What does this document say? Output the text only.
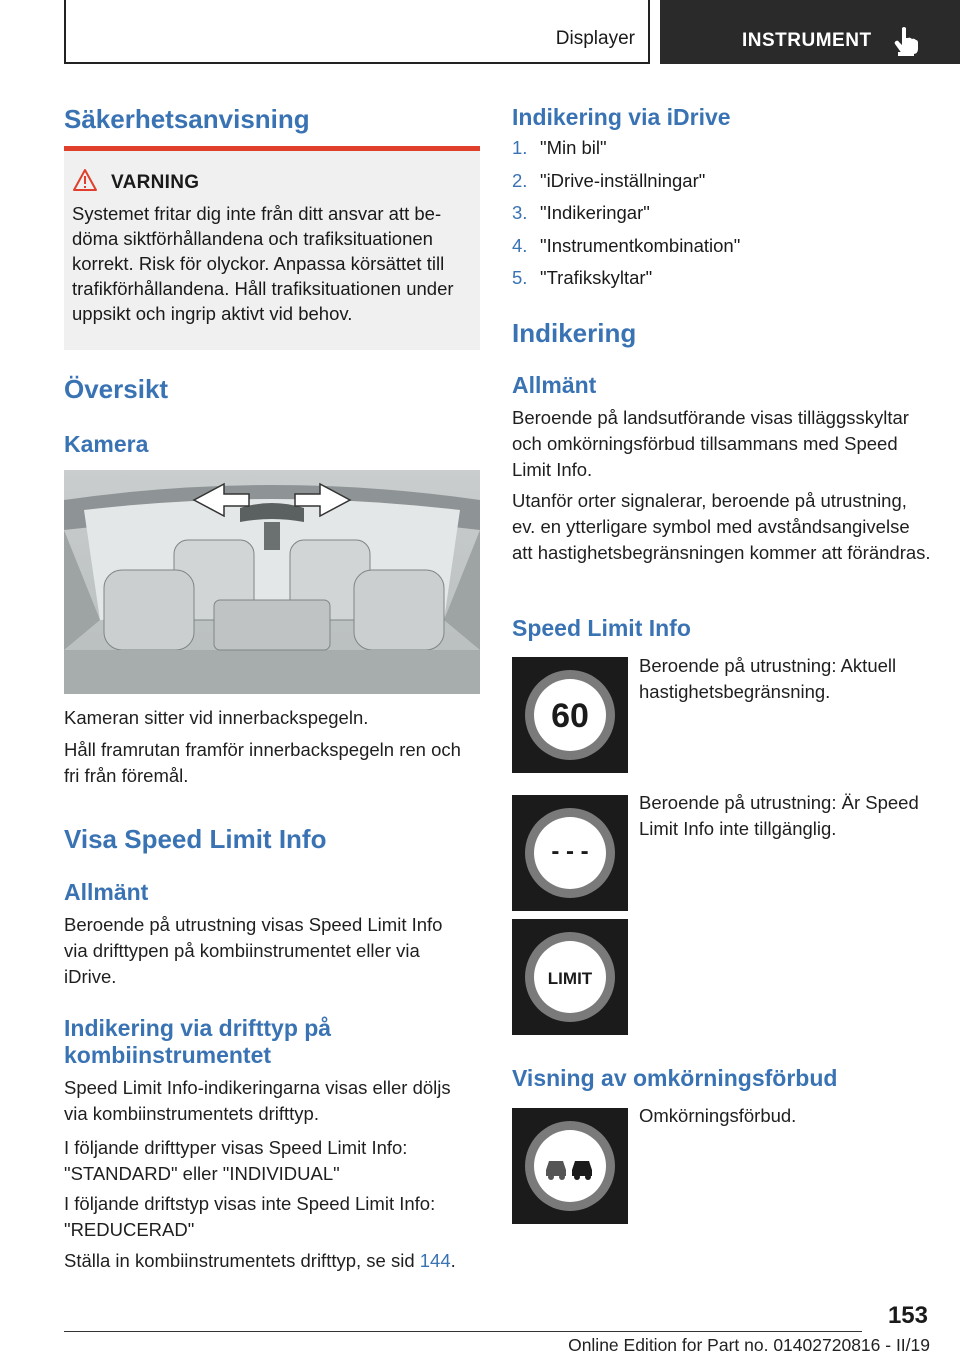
Displayer	INSTRUMENT
Säkerhetsanvisning
VARNING
Systemet fritar dig inte från ditt ansvar att bedöma siktförhållandena och trafiksituationen korrekt. Risk för olyckor. Anpassa körsättet till trafikförhållandena. Håll trafiksituationen under uppsikt och ingrip aktivt vid behov.
Översikt
Kamera

Kameran sitter vid innerbackspegeln.

Håll framrutan framför innerbackspegeln ren och fri från föremål.

Visa Speed Limit Info
Allmänt

Beroende på utrustning visas Speed Limit Info via drifttypen på kombiinstrumentet eller via iDrive.

Indikering via drifttyp på kombiinstrumentet

Speed Limit Info-indikeringarna visas eller döljs via kombiinstrumentets drifttyp.

I följande drifttyper visas Speed Limit Info: "STANDARD" eller "INDIVIDUAL"

I följande driftstyp visas inte Speed Limit Info: "REDUCERAD"

Ställa in kombiinstrumentets drifttyp, se sid 144.

Indikering via iDrive
1. "Min bil"
2. "iDrive-inställningar"
3. "Indikeringar"
4. "Instrumentkombination"
5. "Trafikskyltar"
Indikering
Allmänt

Beroende på landsutförande visas tilläggsskyltar och omkörningsförbud tillsammans med Speed Limit Info.

Utanför orter signalerar, beroende på utrustning, ev. en ytterligare symbol med avståndsangivelse att hastighetsbegränsningen kommer att förändras.

Speed Limit Info
60

Beroende på utrustning: Aktuell hastighetsbegränsning.

- - -

Beroende på utrustning: Är Speed Limit Info inte tillgänglig.

LIMIT
Visning av omkörningsförbud

Omkörningsförbud.

153
Online Edition for Part no. 01402720816 - II/19
